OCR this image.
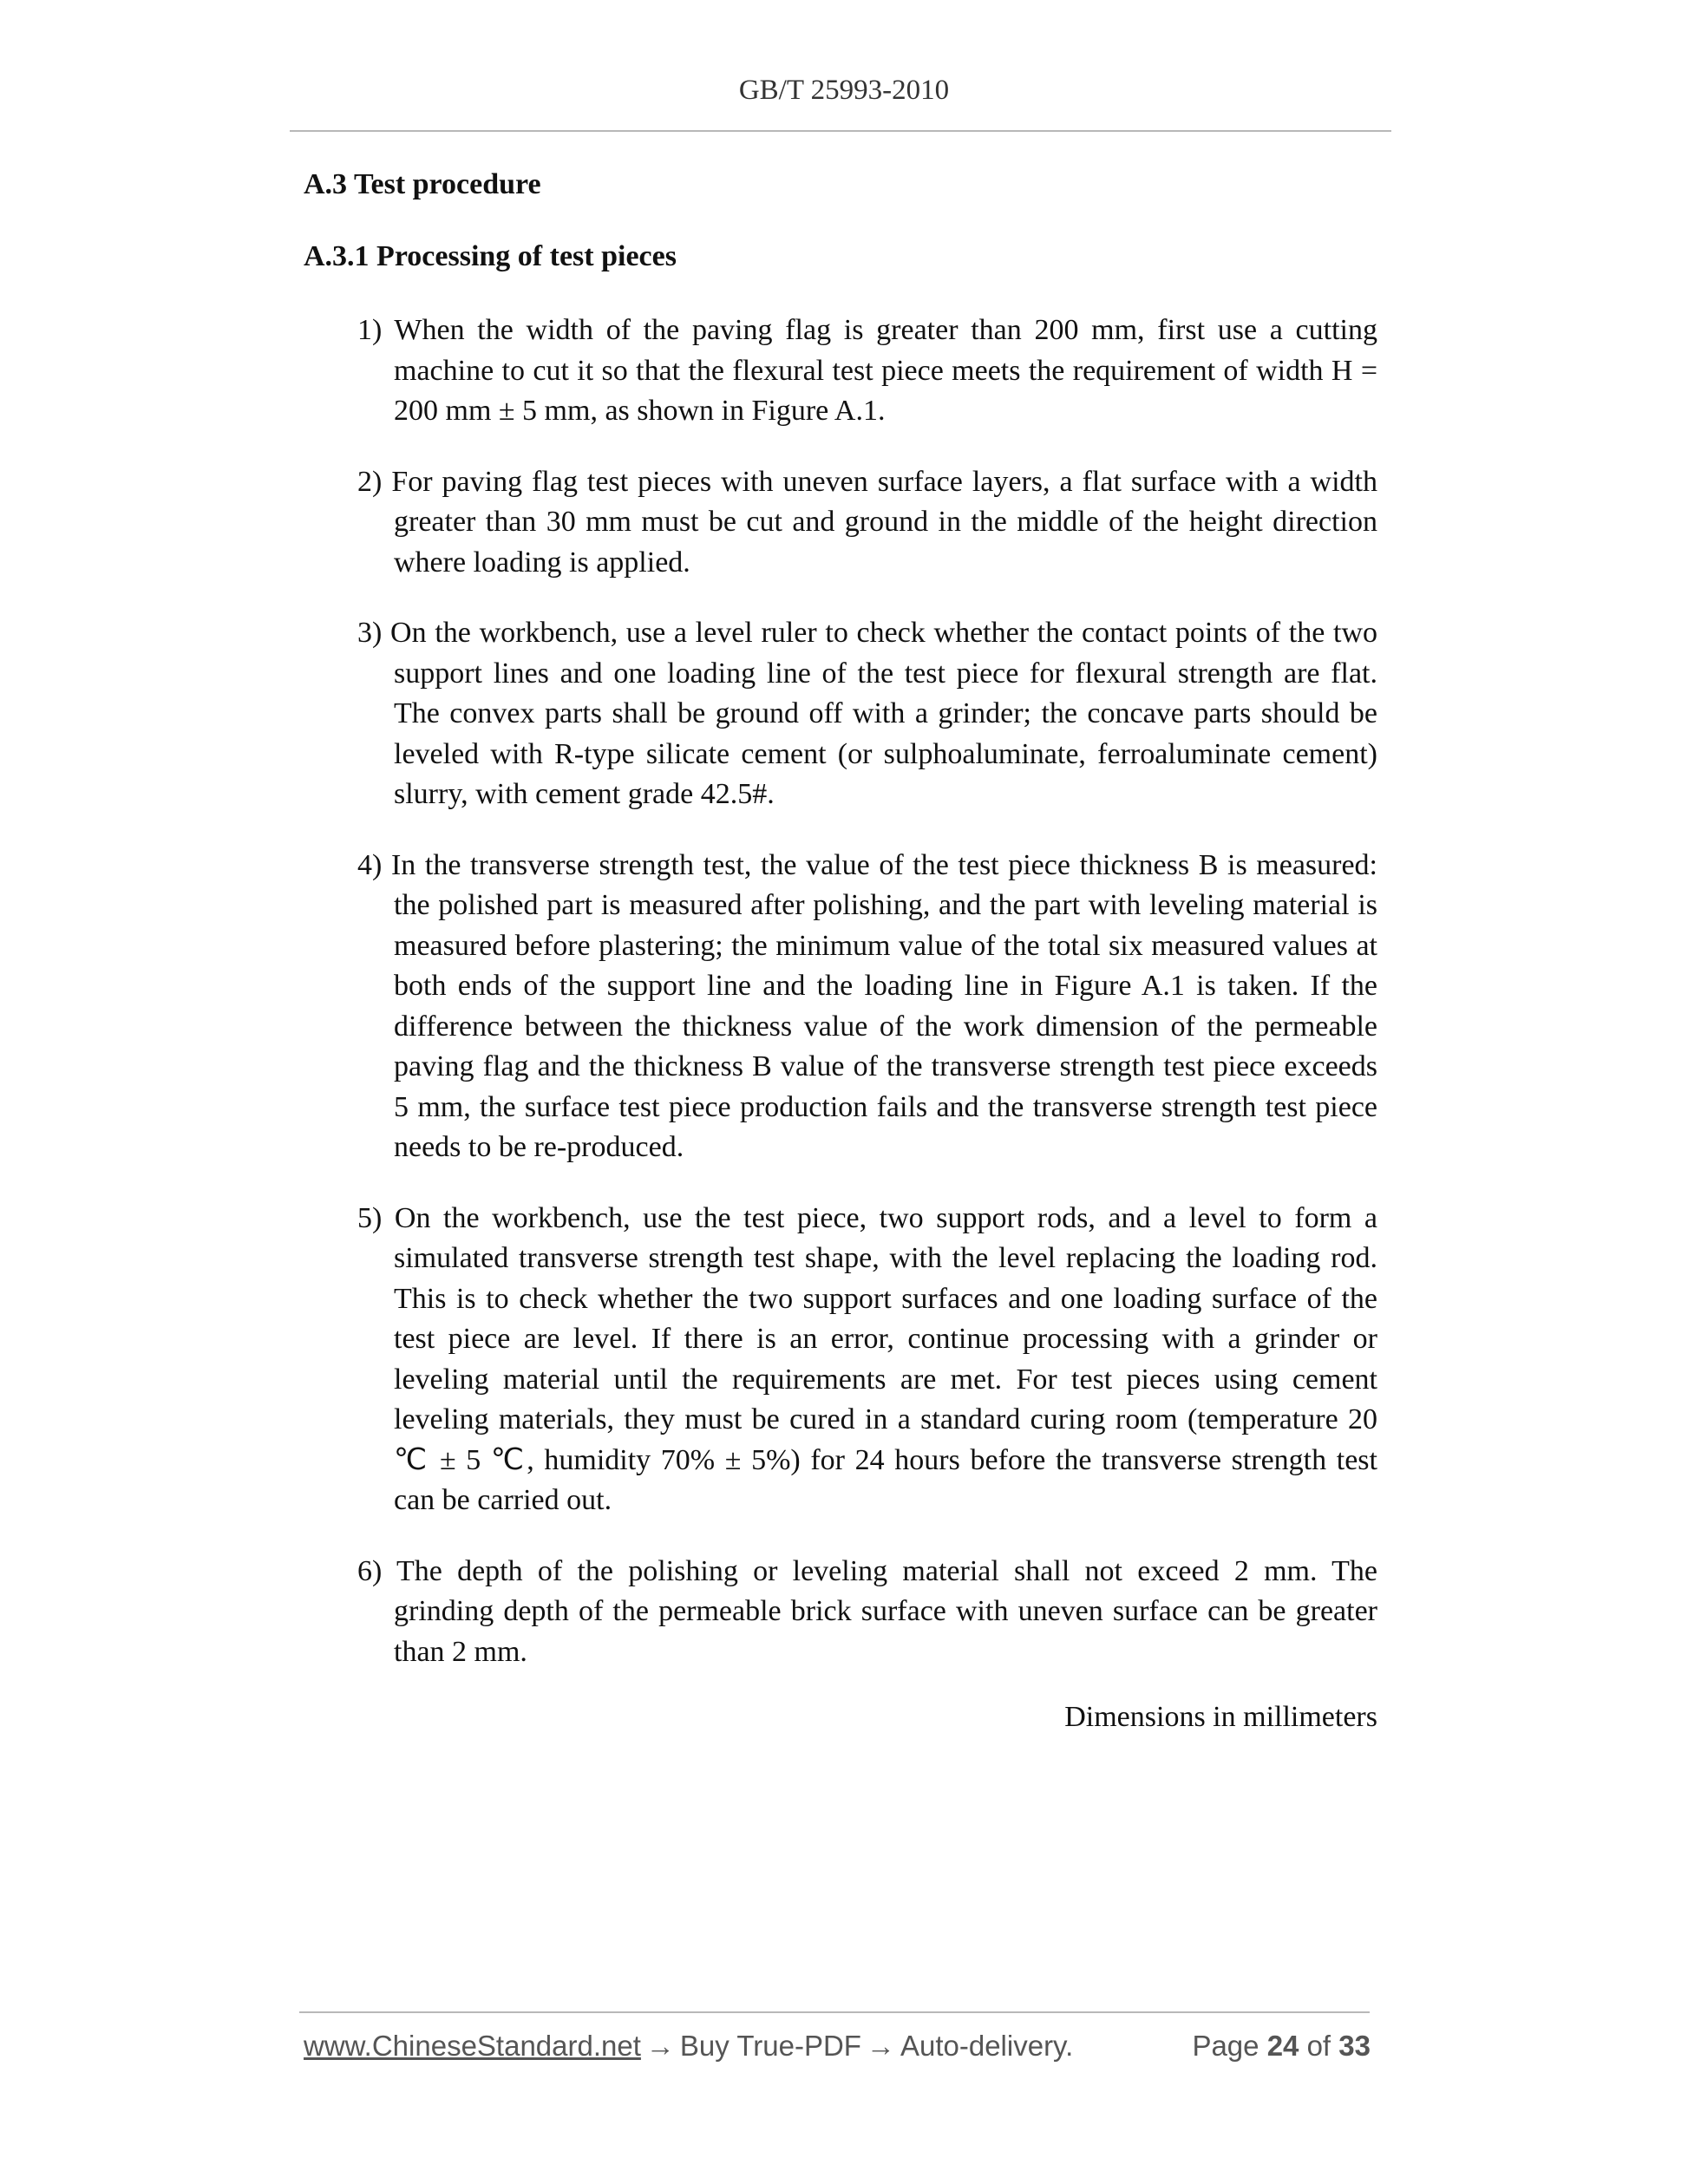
GB/T 25993-2010
A.3 Test procedure
A.3.1 Processing of test pieces

1) When the width of the paving flag is greater than 200 mm, first use a cutting machine to cut it so that the flexural test piece meets the requirement of width H = 200 mm ± 5 mm, as shown in Figure A.1.

2) For paving flag test pieces with uneven surface layers, a flat surface with a width greater than 30 mm must be cut and ground in the middle of the height direction where loading is applied.

3) On the workbench, use a level ruler to check whether the contact points of the two support lines and one loading line of the test piece for flexural strength are flat. The convex parts shall be ground off with a grinder; the concave parts should be leveled with R-type silicate cement (or sulphoaluminate, ferroaluminate cement) slurry, with cement grade 42.5#.

4) In the transverse strength test, the value of the test piece thickness B is measured: the polished part is measured after polishing, and the part with leveling material is measured before plastering; the minimum value of the total six measured values at both ends of the support line and the loading line in Figure A.1 is taken. If the difference between the thickness value of the work dimension of the permeable paving flag and the thickness B value of the transverse strength test piece exceeds 5 mm, the surface test piece production fails and the transverse strength test piece needs to be re-produced.

5) On the workbench, use the test piece, two support rods, and a level to form a simulated transverse strength test shape, with the level replacing the loading rod. This is to check whether the two support surfaces and one loading surface of the test piece are level. If there is an error, continue processing with a grinder or leveling material until the requirements are met. For test pieces using cement leveling materials, they must be cured in a standard curing room (temperature 20 ℃ ± 5 ℃, humidity 70% ± 5%) for 24 hours before the transverse strength test can be carried out.

6) The depth of the polishing or leveling material shall not exceed 2 mm. The grinding depth of the permeable brick surface with uneven surface can be greater than 2 mm.

Dimensions in millimeters
www.ChineseStandard.net → Buy True-PDF → Auto-delivery.	Page 24 of 33
